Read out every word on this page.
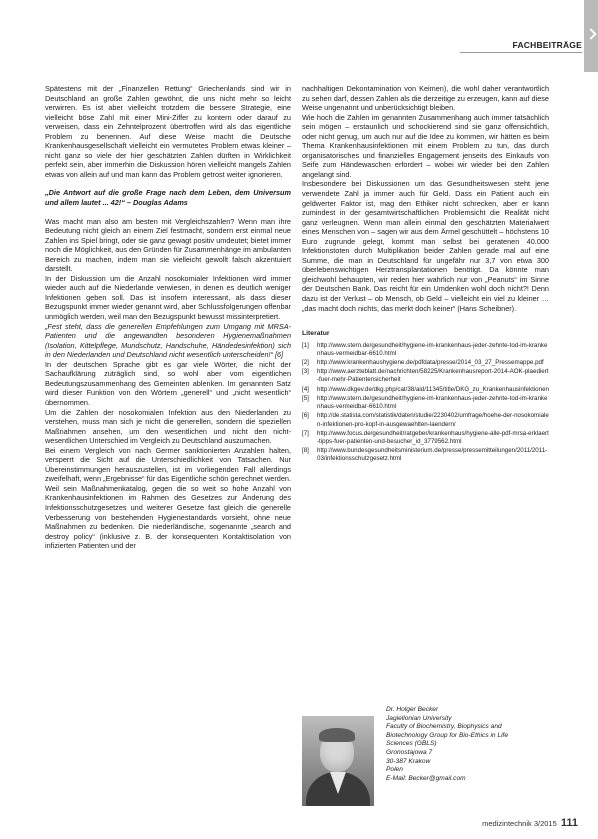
FACHBEITRÄGE

Spätestens mit der „Finanzellen Rettung“ Griechenlands sind wir in Deutschland an große Zahlen gewöhnt, die uns nicht mehr so leicht verwirren. Es ist aber vielleicht trotzdem die bessere Strategie, eine vielleicht böse Zahl mit einer Mini-Ziffer zu kontern oder darauf zu verweisen, dass ein Zehntelprozent übertroffen wird als das eigentliche Problem zu benennen. Auf diese Weise macht die Deutsche Krankenhausgesellschaft vielleicht ein vermutetes Problem etwas kleiner – nicht ganz so viele der hier geschätzten Zahlen dürften in Wirklichkeit perfekt sein, aber immerhin die Diskussion hören vielleicht mangels Zahlen etwas von allein auf und man kann das Problem getrost weiter ignorieren.

„Die Antwort auf die große Frage nach dem Leben, dem Universum und allem lautet ... 42!“ – Douglas Adams

Was macht man also am besten mit Vergleichszahlen? Wenn man ihre Bedeutung nicht gleich an einem Ziel festmacht, sondern erst einmal neue Zahlen ins Spiel bringt, oder sie ganz gewagt positiv umdeutet; bietet immer noch die Möglichkeit, aus den Gründen für Zusammenhänge im ambulanten Bereich zu machen, indem man sie vielleicht gewollt falsch akzentuiert darstellt.

In der Diskussion um die Anzahl nosokomialer Infektionen wird immer wieder auch auf die Niederlande verwiesen, in denen es deutlich weniger Infektionen geben soll. Das ist insofern interessant, als dass dieser Bezugspunkt immer wieder genannt wird, aber Schlussfolgerungen offenbar unmöglich werden, weil man den Bezugspunkt bewusst missinterpretiert.

„Fest steht, dass die generellen Empfehlungen zum Umgang mit MRSA-Patienten und die angewandten besonderen Hygienemaßnahmen (Isolation, Kittelpflege, Mundschutz, Handschuhe, Händedesinfektion) sich in den Niederlanden und Deutschland nicht wesentlich unterscheiden!“ [6]

In der deutschen Sprache gibt es gar viele Wörter, die nicht der Sachaufklärung zuträglich sind, so wohl aber vom eigentlichen Bedeutungszusammenhang des Gemeinten ablenken. Im genannten Satz wird dieser Funktion von den Wörtern „generell“ und „nicht wesentlich“ übernommen.

Um die Zahlen der nosokomialen Infektion aus den Niederlanden zu verstehen, muss man sich je nicht die generellen, sondern die speziellen Maßnahmen ansehen, um den wesentlichen und nicht den nicht-wesentlichen Unterschied im Vergleich zu Deutschland auszumachen.

Bei einem Vergleich von nach Germer sanktionierten Anzahlen halten, versperrt die Sicht auf die Unterschiedlichkeit von Tatsachen. Nur Übereinstimmungen herauszustellen, ist im vorliegenden Fall allerdings zweifelhaft, wenn „Ergebnisse“ für das Eigentliche schön gerechnet werden. Weil sein Maßnahmenkatalog, gegen die so weit so hohe Anzahl von Krankenhausinfektionen im Rahmen des Gesetzes zur Änderung des Infektionsschutzgesetzes und weiterer Gesetze fast gleich die generelle Verbesserung von bestehenden Hygienestandards vorsieht, ohne neue Maßnahmen zu bedenken. Die niederländische, sogenannte „search and destroy policy“ (inklusive z. B. der konsequenten Kontaktisolation von infizierten Patienten und der

nachhaltigen Dekontamination von Keimen), die wohl daher verantwortlich zu sehen darf, dessen Zahlen als die derzeitige zu erzeugen, kann auf diese Weise ungenannt und unberücksichtigt bleiben.

Wie hoch die Zahlen im genannten Zusammenhang auch immer tatsächlich sein mögen – erstaunlich und schockierend sind sie ganz offensichtlich, oder nicht genug, um auch nur auf die Idee zu kommen, wir hätten es beim Thema Krankenhausinfektionen mit einem Problem zu tun, das durch organisatorisches und finanzielles Engagement jenseits des Einkaufs von Seife zum Händewaschen erfordert – wobei wir wieder bei den Zahlen angelangt sind.

Insbesondere bei Diskussionen um das Gesundheitswesen steht jene verwendete Zahl ja immer auch für Geld. Dass ein Patient auch ein geldwerter Faktor ist, mag den Ethiker nicht schrecken, aber er kann zumindest in der gesamtwirtschaftlichen Problemsicht die Realität nicht ganz verleugnen. Wenn man allein einmal den geschätzten Materialwert eines Menschen von – sagen wir aus dem Ärmel geschüttelt – höchstens 10 Euro zugrunde gelegt, kommt man selbst bei geratenen 40.000 Infektionstoten durch Multiplikation beider Zahlen gerade mal auf eine Summe, die man in Deutschland für ungefähr nur 3,7 von etwa 300 überlebenswichtigen Herztransplantationen benötigt. Da könnte man gleichwohl behaupten, wir reden hier wahrlich nur von „Peanuts“ im Sinne der Deutschen Bank. Das reicht für ein Umdenken wohl doch nicht?! Denn dazu ist der Verlust – ob Mensch, ob Geld – vielleicht ein viel zu kleiner … „das macht doch nichts, das merkt doch keiner“ (Hans Scheibner).

Literatur
[1]	http://www.stern.de/gesundheit/hygiene-im-krankenhaus-jeder-zehnte-tod-im-krankenhaus-vermeidbar-6610.html
[2]	http://www.krankenhaushygiene.de/pdfdata/presse/2014_03_27_Pressemappe.pdf
[3]	http://www.aerzteblatt.de/nachrichten/58225/Krankenhausreport-2014-AOK-plaediert-fuer-mehr-Patientensicherheit
[4]	http://www.dkgev.de/dkg.php/cat/38/aid/11345/title/DKG_zu_Krankenhausinfektionen
[5]	http://www.stern.de/gesundheit/hygiene-im-krankenhaus-jeder-zehnte-tod-im-krankenhaus-vermeidbar-6610.html
[6]	http://de.statista.com/statistik/daten/studie/2230402/umfrage/hoehe-der-nosokomialen-infektionen-pro-kopf-in-ausgewaehlten-laendern/
[7]	http://www.focus.de/gesundheit/ratgeber/krankenhaus/hygiene-alle-pdf-mrsa-erklaert-tipps-fuer-patienten-und-besucher_id_3779562.html
[8]	http://www.bundesgesundheitsministerium.de/presse/pressemitteilungen/2011/2011-03/infektionsschutzgesetz.html
Dr. Holger Becker
Jagiellonian University
Faculty of Biochemistry, Biophysics and
Biotechnology Group for Bio-Ethics in Life
Sciences (GBLS)
Gronostajowa 7
30-387 Krakow
Polen
E-Mail: Becker@gmail.com
medizintechnik 3/2015 111
